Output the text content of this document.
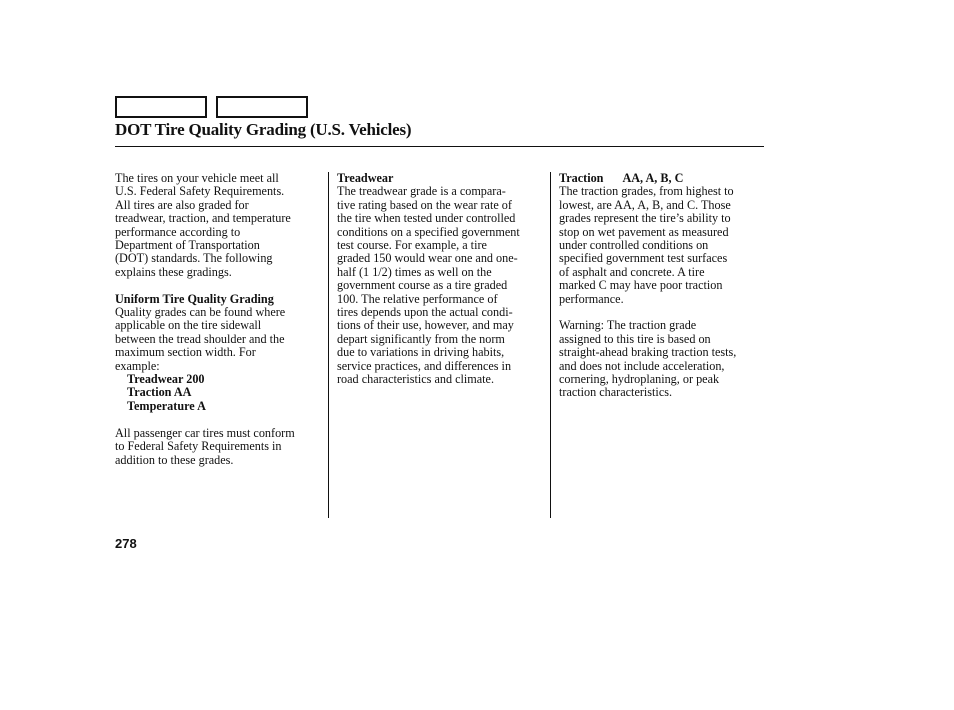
DOT Tire Quality Grading (U.S. Vehicles)
The tires on your vehicle meet all
U.S. Federal Safety Requirements.
All tires are also graded for
treadwear, traction, and temperature
performance according to
Department of Transportation
(DOT) standards. The following
explains these gradings.
Uniform Tire Quality Grading
Quality grades can be found where
applicable on the tire sidewall
between the tread shoulder and the
maximum section width. For
example:
Treadwear 200
Traction AA
Temperature A
All passenger car tires must conform
to Federal Safety Requirements in
addition to these grades.
Treadwear
The treadwear grade is a compara-
tive rating based on the wear rate of
the tire when tested under controlled
conditions on a specified government
test course. For example, a tire
graded 150 would wear one and one-
half (1 1/2) times as well on the
government course as a tire graded
100. The relative performance of
tires depends upon the actual condi-
tions of their use, however, and may
depart significantly from the norm
due to variations in driving habits,
service practices, and differences in
road characteristics and climate.
Traction AA, A, B, C
The traction grades, from highest to
lowest, are AA, A, B, and C. Those
grades represent the tire’s ability to
stop on wet pavement as measured
under controlled conditions on
specified government test surfaces
of asphalt and concrete. A tire
marked C may have poor traction
performance.
Warning: The traction grade
assigned to this tire is based on
straight-ahead braking traction tests,
and does not include acceleration,
cornering, hydroplaning, or peak
traction characteristics.
278
